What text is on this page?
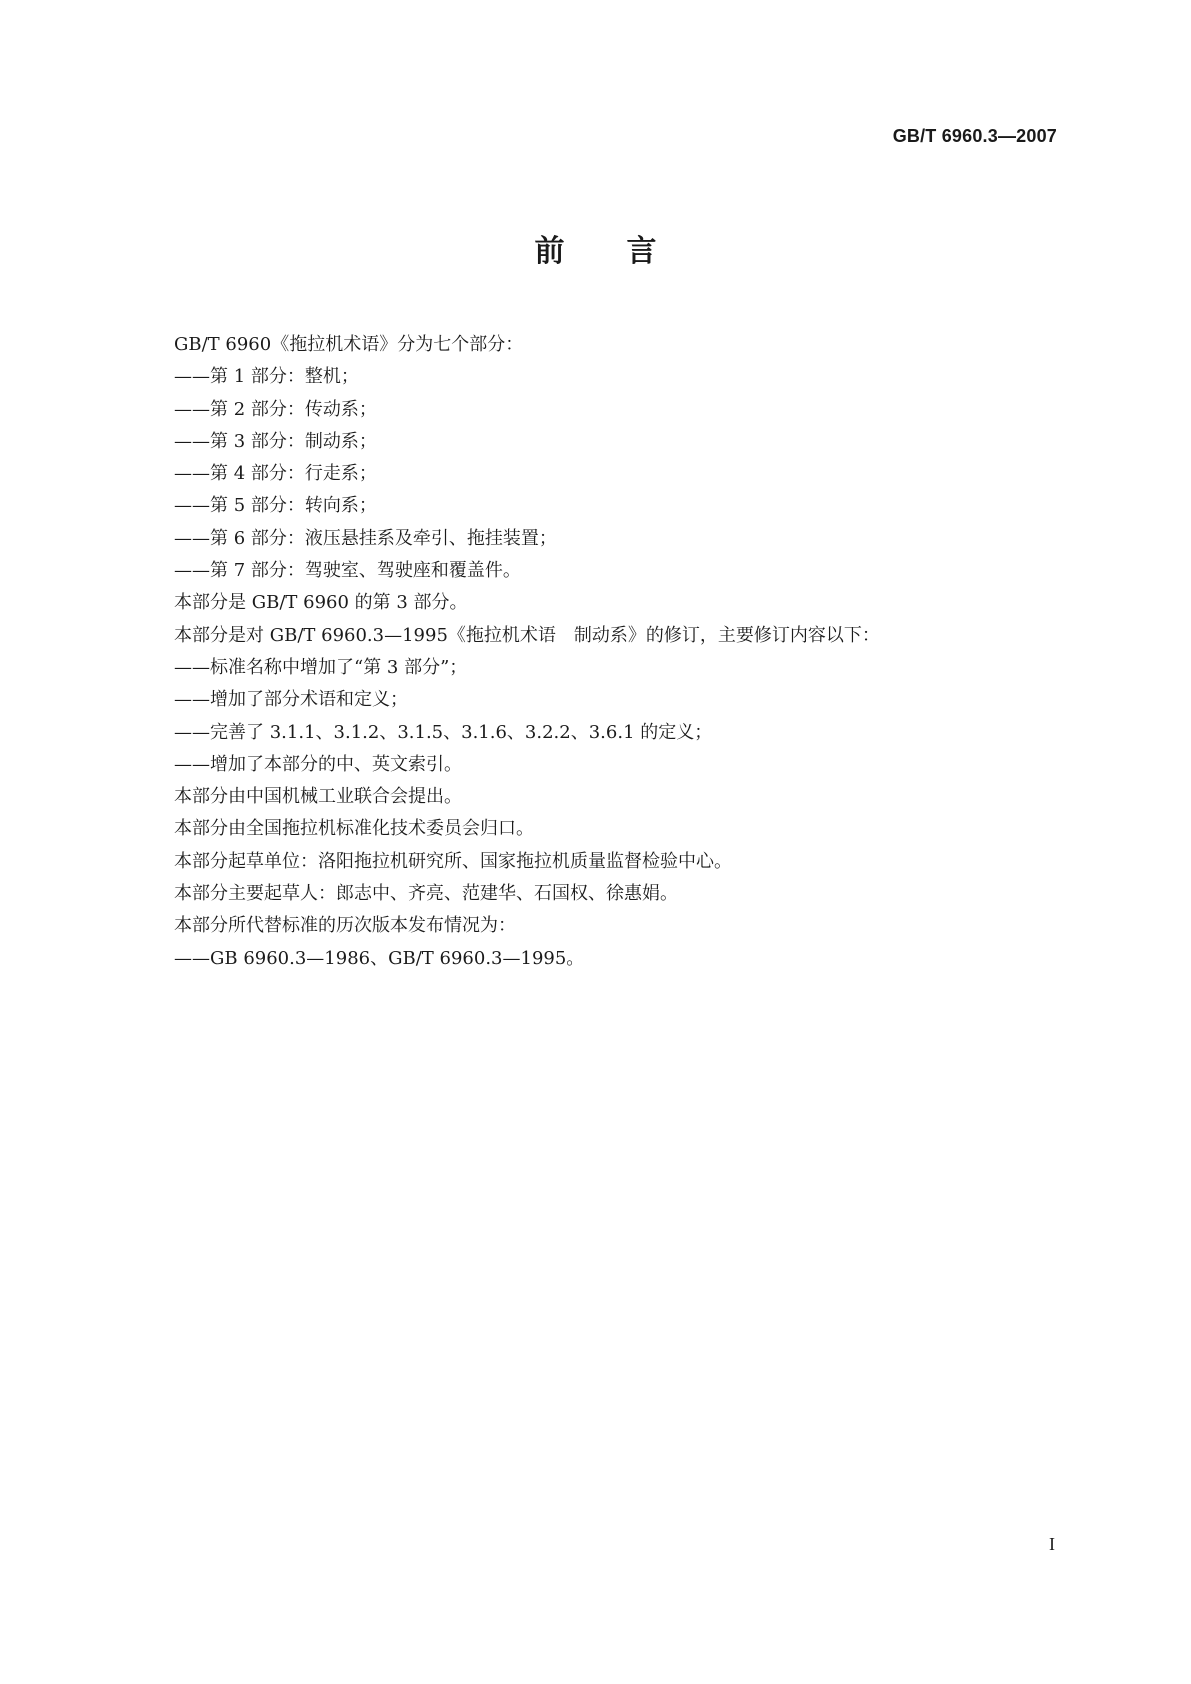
GB/T 6960.3—2007
前言
GB/T 6960《拖拉机术语》分为七个部分：
——第 1 部分：整机；
——第 2 部分：传动系；
——第 3 部分：制动系；
——第 4 部分：行走系；
——第 5 部分：转向系；
——第 6 部分：液压悬挂系及牵引、拖挂装置；
——第 7 部分：驾驶室、驾驶座和覆盖件。
本部分是 GB/T 6960 的第 3 部分。
本部分是对 GB/T 6960.3—1995《拖拉机术语　制动系》的修订，主要修订内容以下：
——标准名称中增加了“第 3 部分”；
——增加了部分术语和定义；
——完善了 3.1.1、3.1.2、3.1.5、3.1.6、3.2.2、3.6.1 的定义；
——增加了本部分的中、英文索引。
本部分由中国机械工业联合会提出。
本部分由全国拖拉机标准化技术委员会归口。
本部分起草单位：洛阳拖拉机研究所、国家拖拉机质量监督检验中心。
本部分主要起草人：郎志中、齐亮、范建华、石国权、徐惠娟。
本部分所代替标准的历次版本发布情况为：
——GB 6960.3—1986、GB/T 6960.3—1995。
I
